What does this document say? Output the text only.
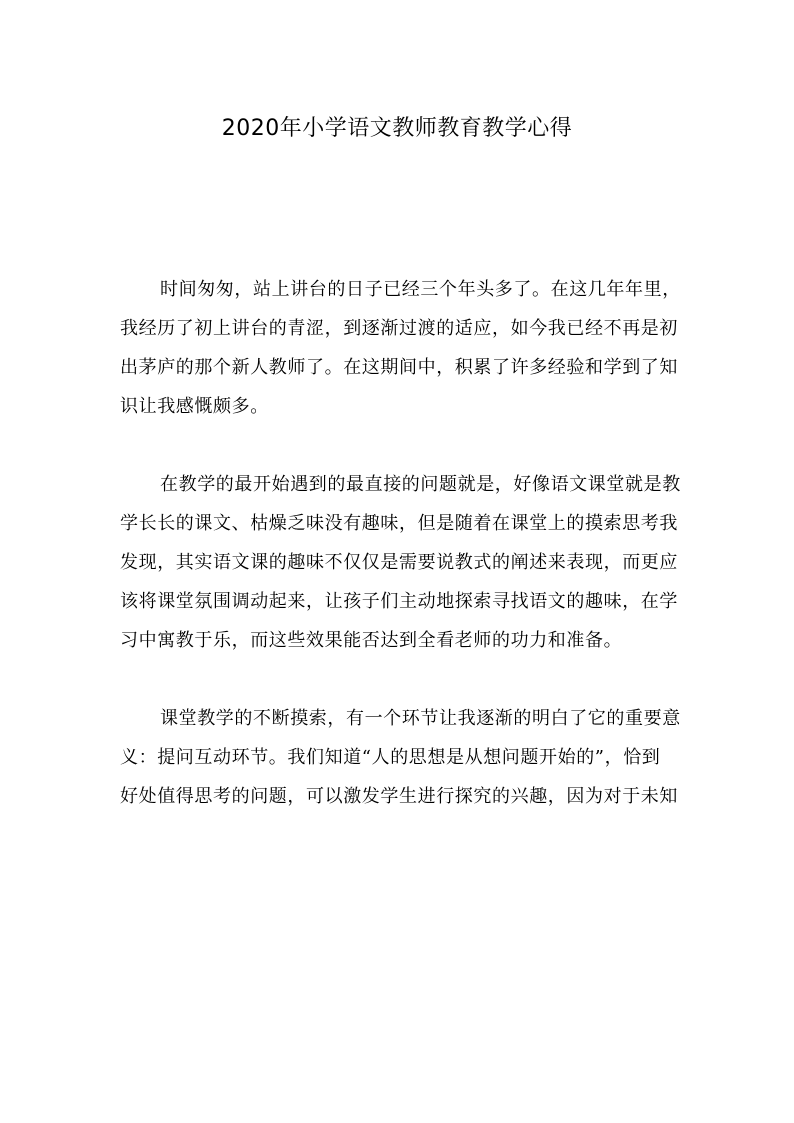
2020年小学语文教师教育教学心得
时间匆匆，站上讲台的日子已经三个年头多了。在这几年年里，
我经历了初上讲台的青涩，到逐渐过渡的适应，如今我已经不再是初
出茅庐的那个新人教师了。在这期间中，积累了许多经验和学到了知
识让我感慨颇多。
在教学的最开始遇到的最直接的问题就是，好像语文课堂就是教
学长长的课文、枯燥乏味没有趣味，但是随着在课堂上的摸索思考我
发现，其实语文课的趣味不仅仅是需要说教式的阐述来表现，而更应
该将课堂氛围调动起来，让孩子们主动地探索寻找语文的趣味，在学
习中寓教于乐，而这些效果能否达到全看老师的功力和准备。
课堂教学的不断摸索，有一个环节让我逐渐的明白了它的重要意
义：提问互动环节。我们知道“人的思想是从想问题开始的”，恰到
好处值得思考的问题，可以激发学生进行探究的兴趣，因为对于未知
